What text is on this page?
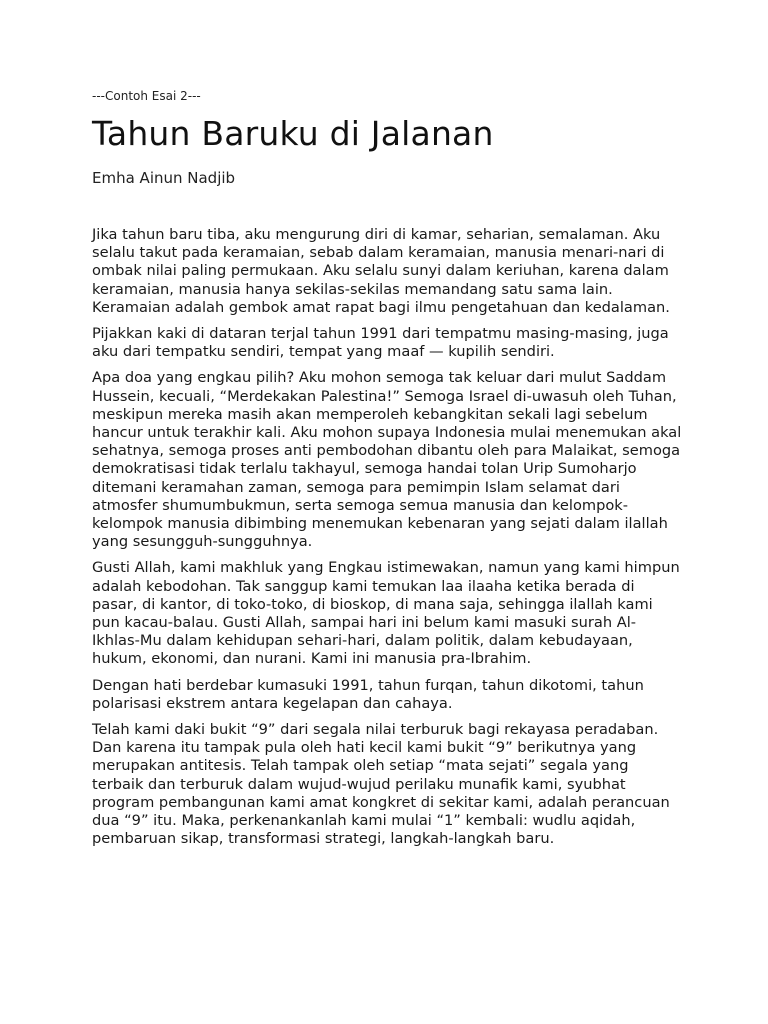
---Contoh Esai 2---

Tahun Baruku di Jalanan

Emha Ainun Nadjib

Jika tahun baru tiba, aku mengurung diri di kamar, seharian, semalaman. Aku selalu takut pada keramaian, sebab dalam keramaian, manusia menari-nari di ombak nilai paling permukaan. Aku selalu sunyi dalam keriuhan, karena dalam keramaian, manusia hanya sekilas-sekilas memandang satu sama lain. Keramaian adalah gembok amat rapat bagi ilmu pengetahuan dan kedalaman.

Pijakkan kaki di dataran terjal tahun 1991 dari tempatmu masing-masing, juga aku dari tempatku sendiri, tempat yang maaf — kupilih sendiri.

Apa doa yang engkau pilih? Aku mohon semoga tak keluar dari mulut Saddam Hussein, kecuali, “Merdekakan Palestina!” Semoga Israel di-uwasuh oleh Tuhan, meskipun mereka masih akan memperoleh kebangkitan sekali lagi sebelum hancur untuk terakhir kali. Aku mohon supaya Indonesia mulai menemukan akal sehatnya, semoga proses anti pembodohan dibantu oleh para Malaikat, semoga demokratisasi tidak terlalu takhayul, semoga handai tolan Urip Sumoharjo ditemani keramahan zaman, semoga para pemimpin Islam selamat dari atmosfer shumumbukmun, serta semoga semua manusia dan kelompok-kelompok manusia dibimbing menemukan kebenaran yang sejati dalam ilallah yang sesungguh-sungguhnya.

Gusti Allah, kami makhluk yang Engkau istimewakan, namun yang kami himpun adalah kebodohan. Tak sanggup kami temukan laa ilaaha ketika berada di pasar, di kantor, di toko-toko, di bioskop, di mana saja, sehingga ilallah kami pun kacau-balau. Gusti Allah, sampai hari ini belum kami masuki surah Al-Ikhlas-Mu dalam kehidupan sehari-hari, dalam politik, dalam kebudayaan, hukum, ekonomi, dan nurani. Kami ini manusia pra-Ibrahim.

Dengan hati berdebar kumasuki 1991, tahun furqan, tahun dikotomi, tahun polarisasi ekstrem antara kegelapan dan cahaya.

Telah kami daki bukit “9” dari segala nilai terburuk bagi rekayasa peradaban. Dan karena itu tampak pula oleh hati kecil kami bukit “9” berikutnya yang merupakan antitesis. Telah tampak oleh setiap “mata sejati” segala yang terbaik dan terburuk dalam wujud-wujud perilaku munafik kami, syubhat program pembangunan kami amat kongkret di sekitar kami, adalah perancuan dua “9” itu. Maka, perkenankanlah kami mulai “1” kembali: wudlu aqidah, pembaruan sikap, transformasi strategi, langkah-langkah baru.
